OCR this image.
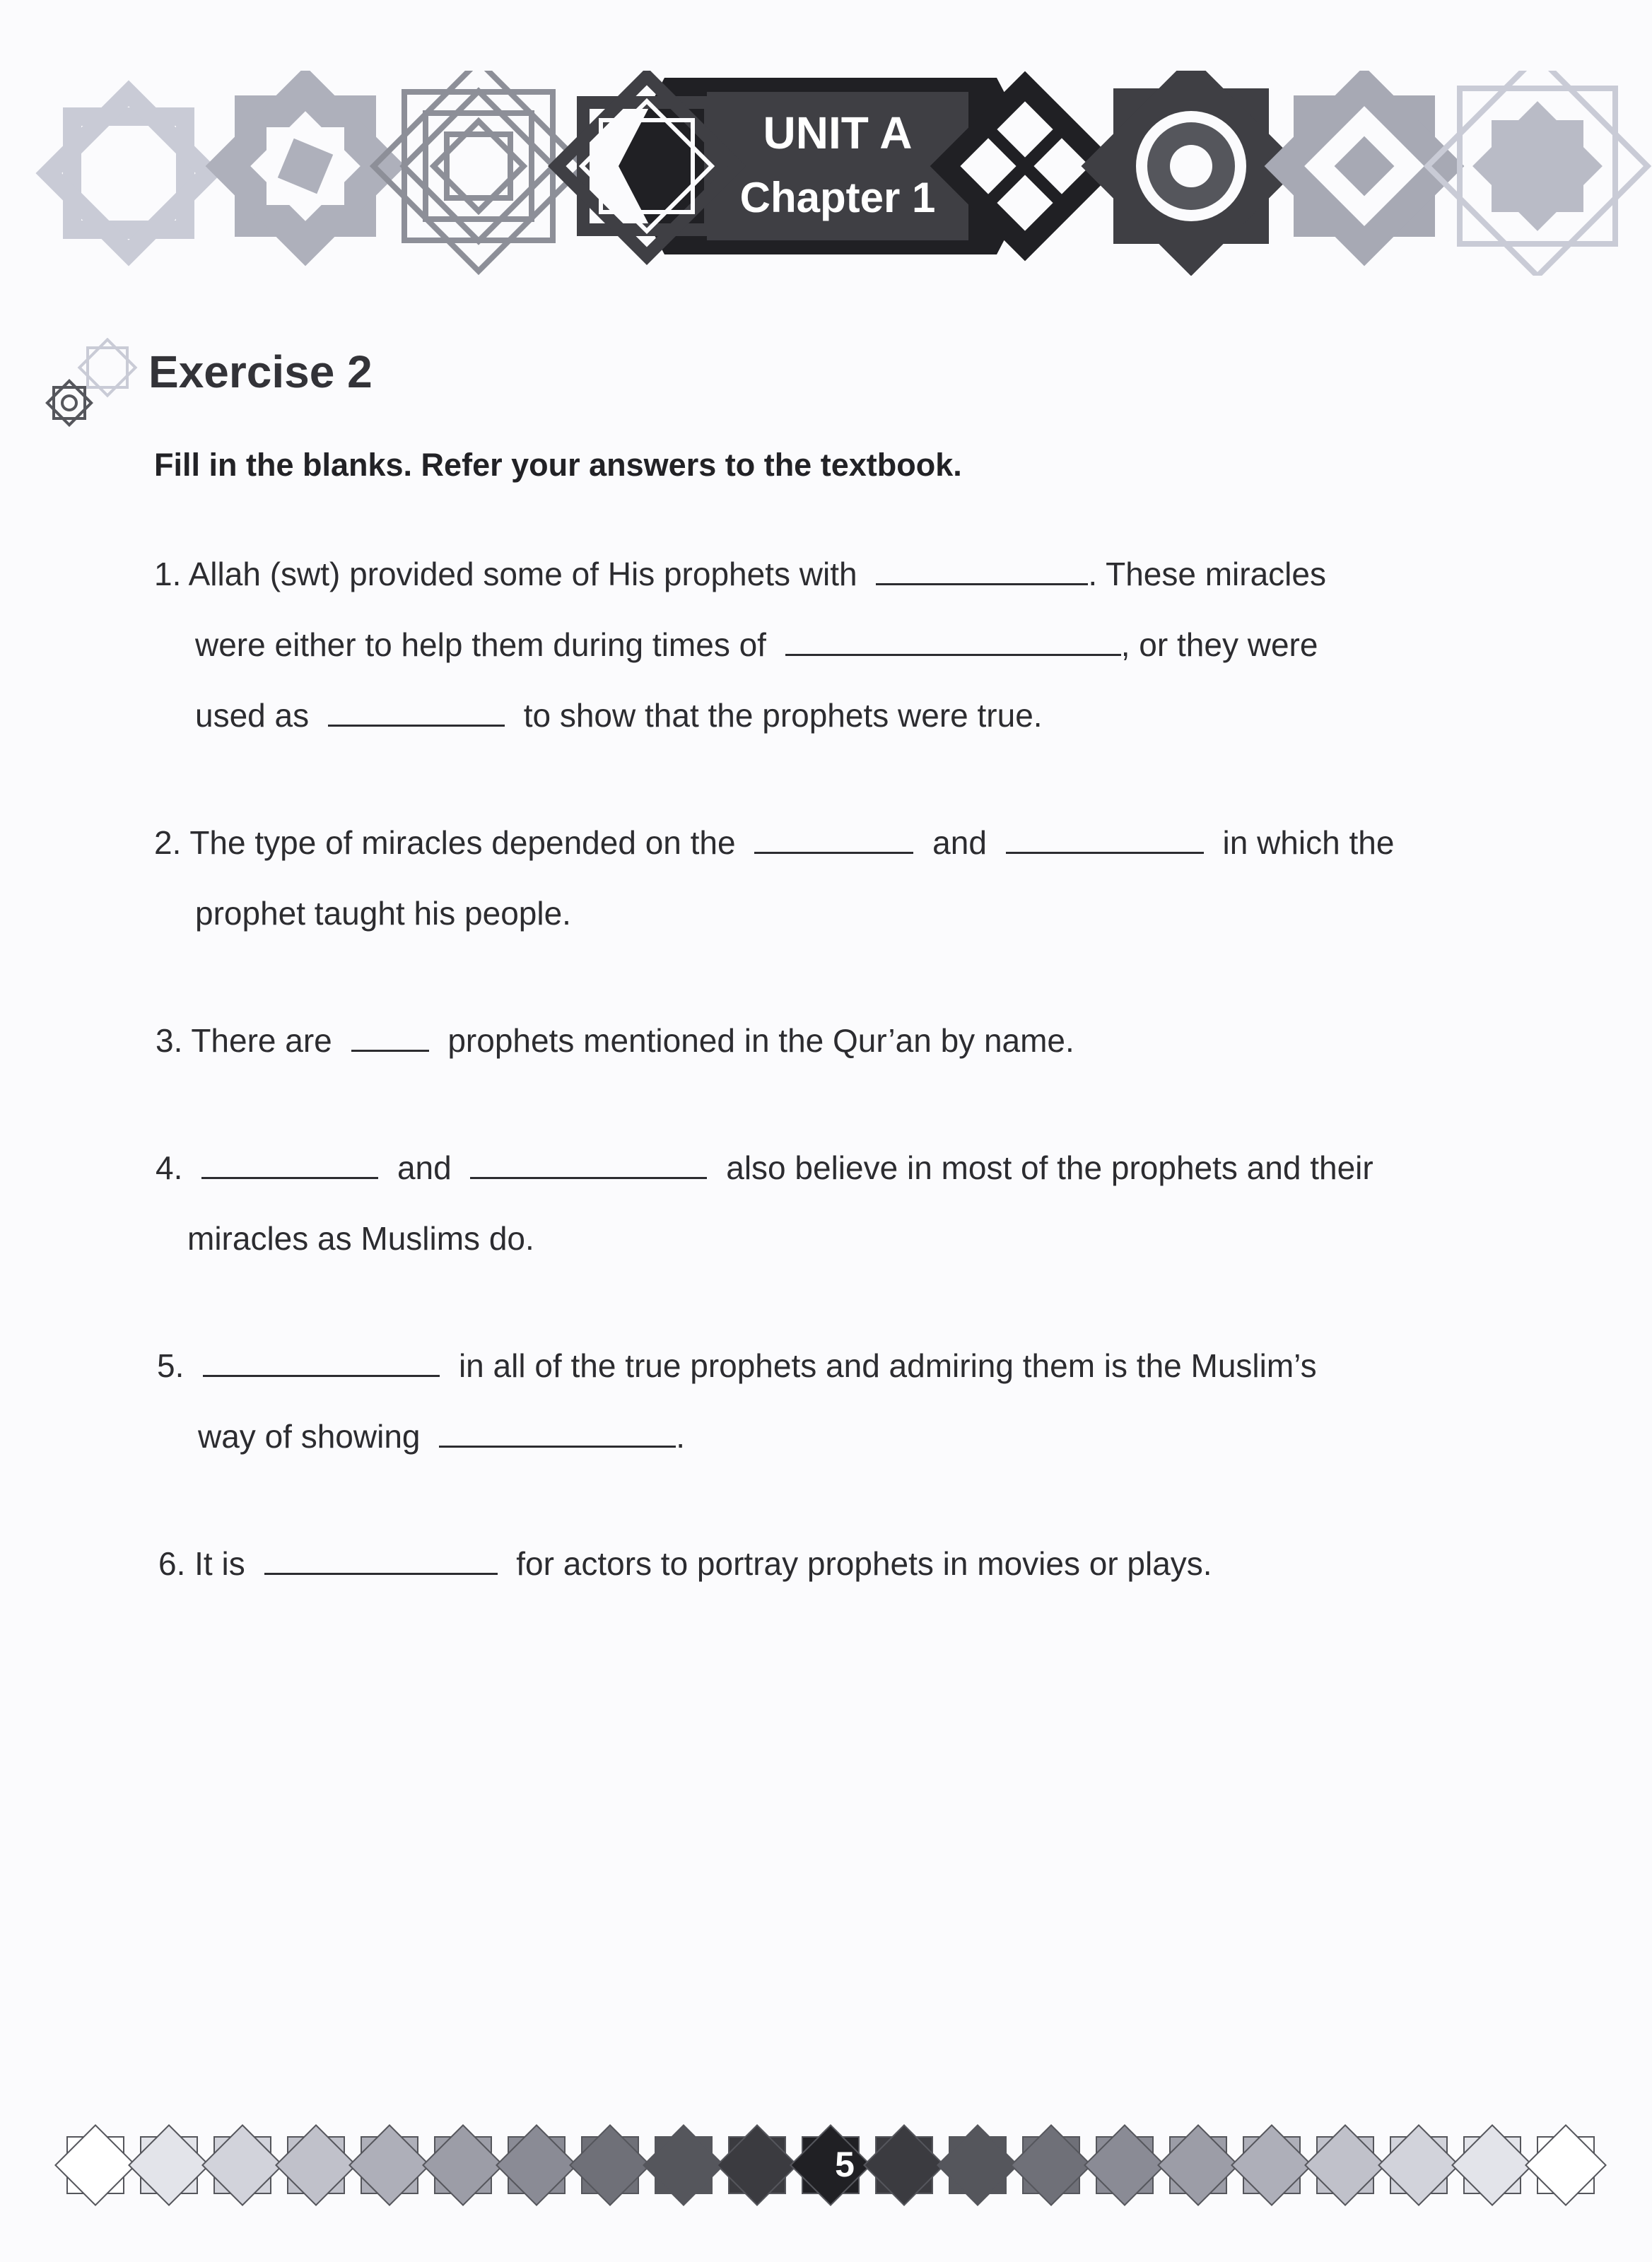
UNIT A
Chapter 1
Exercise 2
Fill in the blanks. Refer your answers to the textbook.
1. Allah (swt) provided some of His prophets with	. These miracles
were either to help them during times of	, or they were
used as	to show that the prophets were true.
2. The type of miracles depended on the	and	in which the
prophet taught his people.
3. There are	prophets mentioned in the Qur’an by name.
4.	and	also believe in most of the prophets and their
miracles as Muslims do.
5.	in all of the true prophets and admiring them is the Muslim’s
way of showing	.
6. It is	for actors to portray prophets in movies or plays.
5
